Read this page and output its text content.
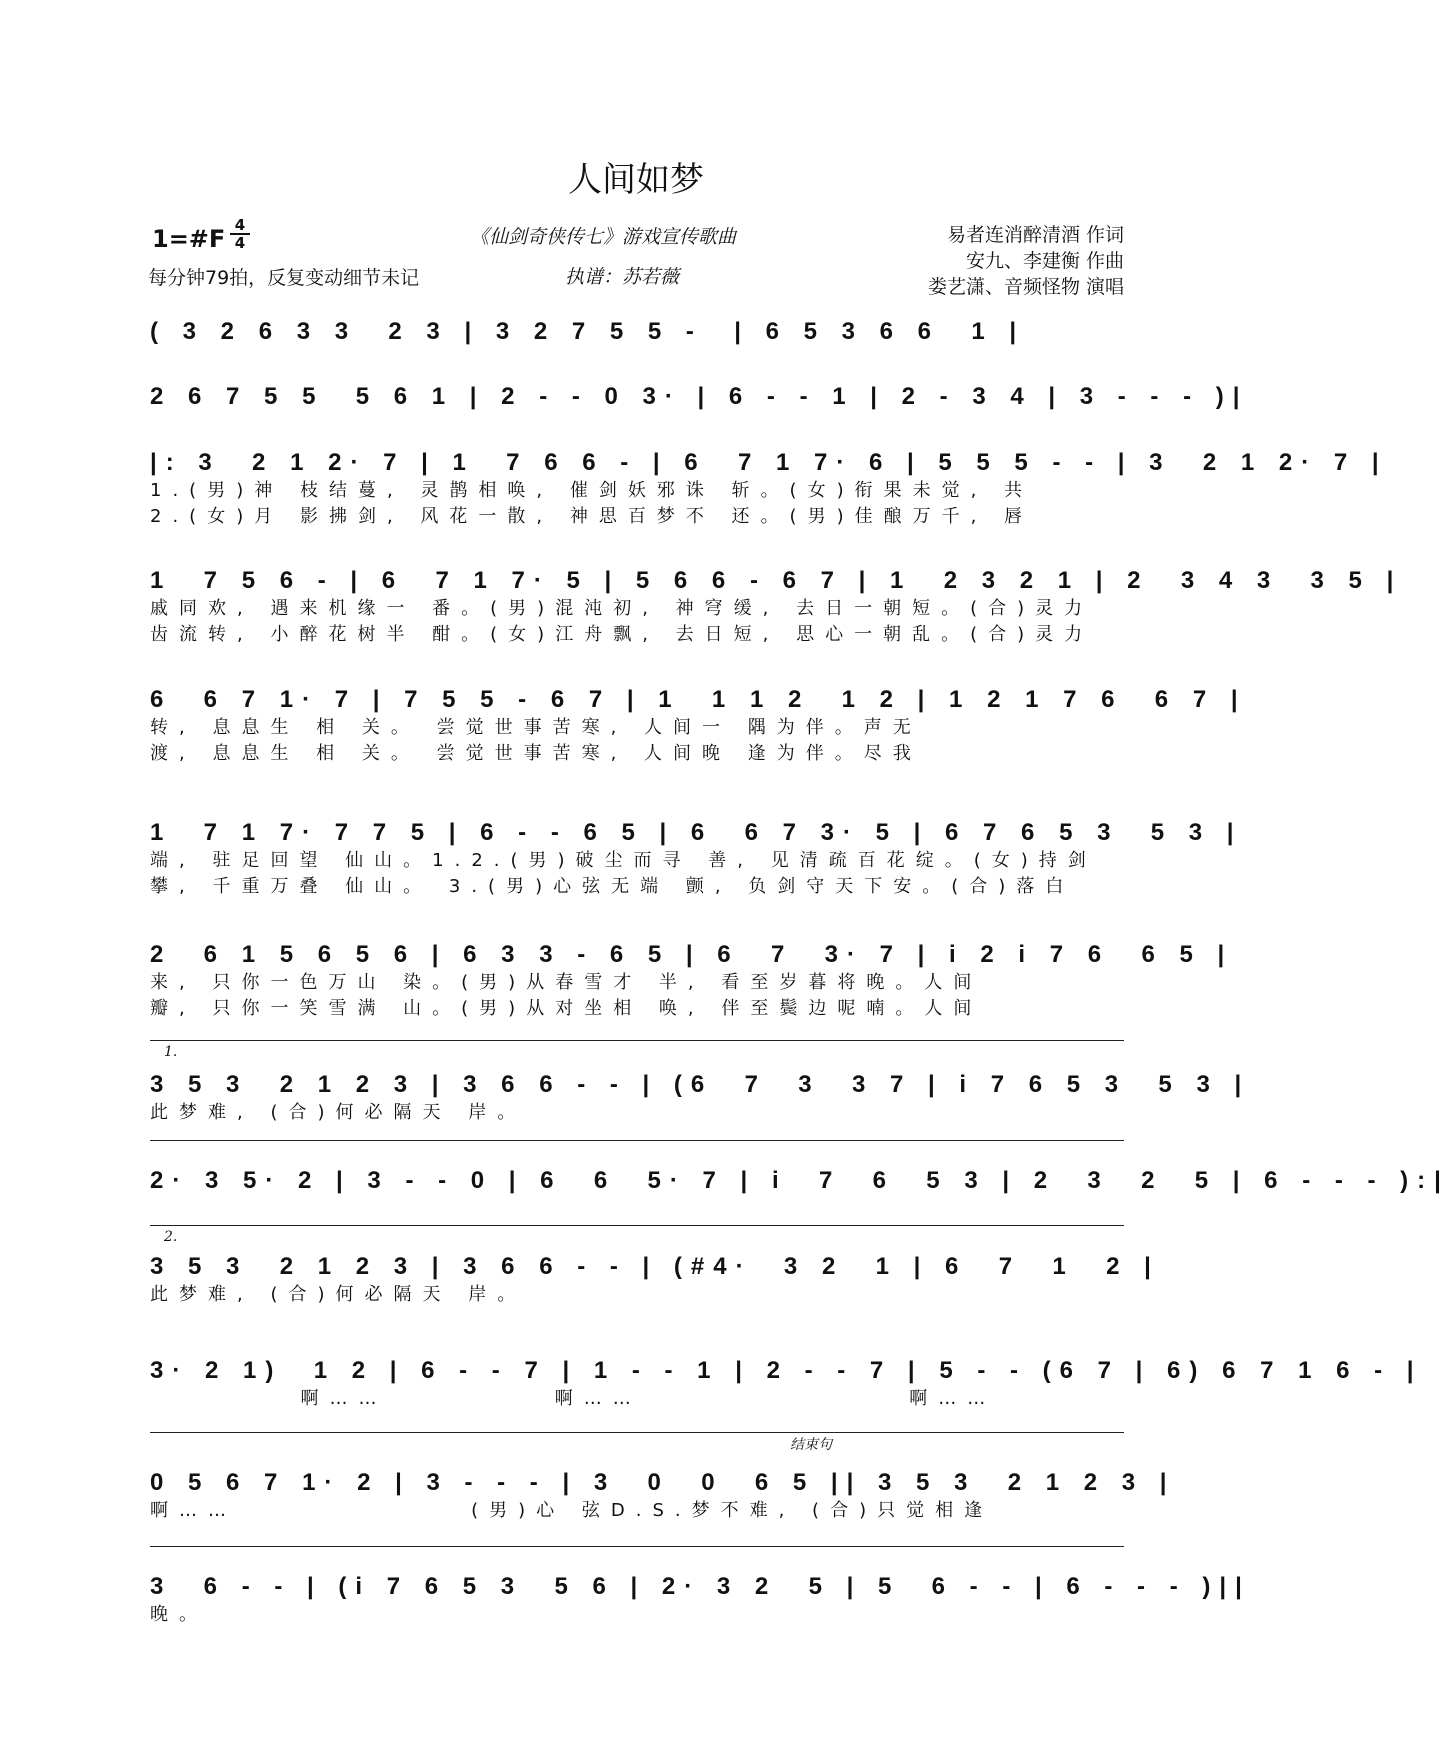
人间如梦
1=#F 4
4
每分钟79拍，反复变动细节未记
《仙剑奇侠传七》游戏宣传歌曲
执谱：苏若薇
易者连消醉清酒 作词
安九、李建衡 作曲
娄艺潇、音频怪物 演唱
( 3 2 6 3 3  2 3 | 3 2 7 5 5 -  | 6 5 3 6 6  1 |
2 6 7 5 5  5 6 1 | 2 - - 0 3· | 6 - - 1 | 2 - 3 4 | 3 - - - )|
|: 3  2 1 2· 7 | 1  7 6 6 - | 6  7 1 7· 6 | 5 5 5 - - | 3  2 1 2· 7 |
1.(男)神 枝结蔓, 灵鹊相唤, 催剑妖邪诛 斩。(女)衔果未觉, 共
2.(女)月 影拂剑, 风花一散, 神思百梦不 还。(男)佳酿万千, 唇
1  7 5 6 - | 6  7 1 7· 5 | 5 6 6 - 6 7 | 1  2 3 2 1 | 2  3 4 3  3 5 |
戚同欢, 遇来机缘一 番。(男)混沌初, 神穹缓, 去日一朝短。(合)灵力
齿流转, 小醉花树半 酣。(女)江舟飘, 去日短, 思心一朝乱。(合)灵力
6  6 7 1· 7 | 7 5 5 - 6 7 | 1  1 1 2  1 2 | 1 2 1 7 6  6 7 |
转, 息息生 相 关。 尝觉世事苦寒, 人间一 隅为伴。声无
渡, 息息生 相 关。 尝觉世事苦寒, 人间晚 逢为伴。尽我
1  7 1 7· 7 7 5 | 6 - - 6 5 | 6  6 7 3· 5 | 6 7 6 5 3  5 3 |
端, 驻足回望 仙山。1.2.(男)破尘而寻 善, 见清疏百花绽。(女)持剑
攀, 千重万叠 仙山。 3.(男)心弦无端 颤, 负剑守天下安。(合)落白
2  6 1 5 6 5 6 | 6 3 3 - 6 5 | 6  7  3· 7 | i 2 i 7 6  6 5 |
来, 只你一色万山 染。(男)从春雪才 半, 看至岁暮将晚。人间
瓣, 只你一笑雪满 山。(男)从对坐相 唤, 伴至鬓边呢喃。人间
1.
3 5 3  2 1 2 3 | 3 6 6 - - | (6  7  3  3 7 | i 7 6 5 3  5 3 |
此梦难, (合)何必隔天 岸。
2· 3 5· 2 | 3 - - 0 | 6  6  5· 7 | i  7  6  5 3 | 2  3  2  5 | 6 - - - ):|
2.
3 5 3  2 1 2 3 | 3 6 6 - - | (#4·  3 2  1 | 6  7  1  2 |
此梦难, (合)何必隔天 岸。
3· 2 1)  1 2 | 6 - - 7 | 1 - - 1 | 2 - - 7 | 5 - - (6 7 | 6) 6 7 1 6 - |
啊……          啊……                啊……
结束句
0 5 6 7 1· 2 | 3 - - - | 3  0  0  6 5 || 3 5 3  2 1 2 3 |
啊……              (男)心 弦D.S.梦不难, (合)只觉相逢
3  6 - - | (i 7 6 5 3  5 6 | 2· 3 2  5 | 5  6 - - | 6 - - - )||
晚。
